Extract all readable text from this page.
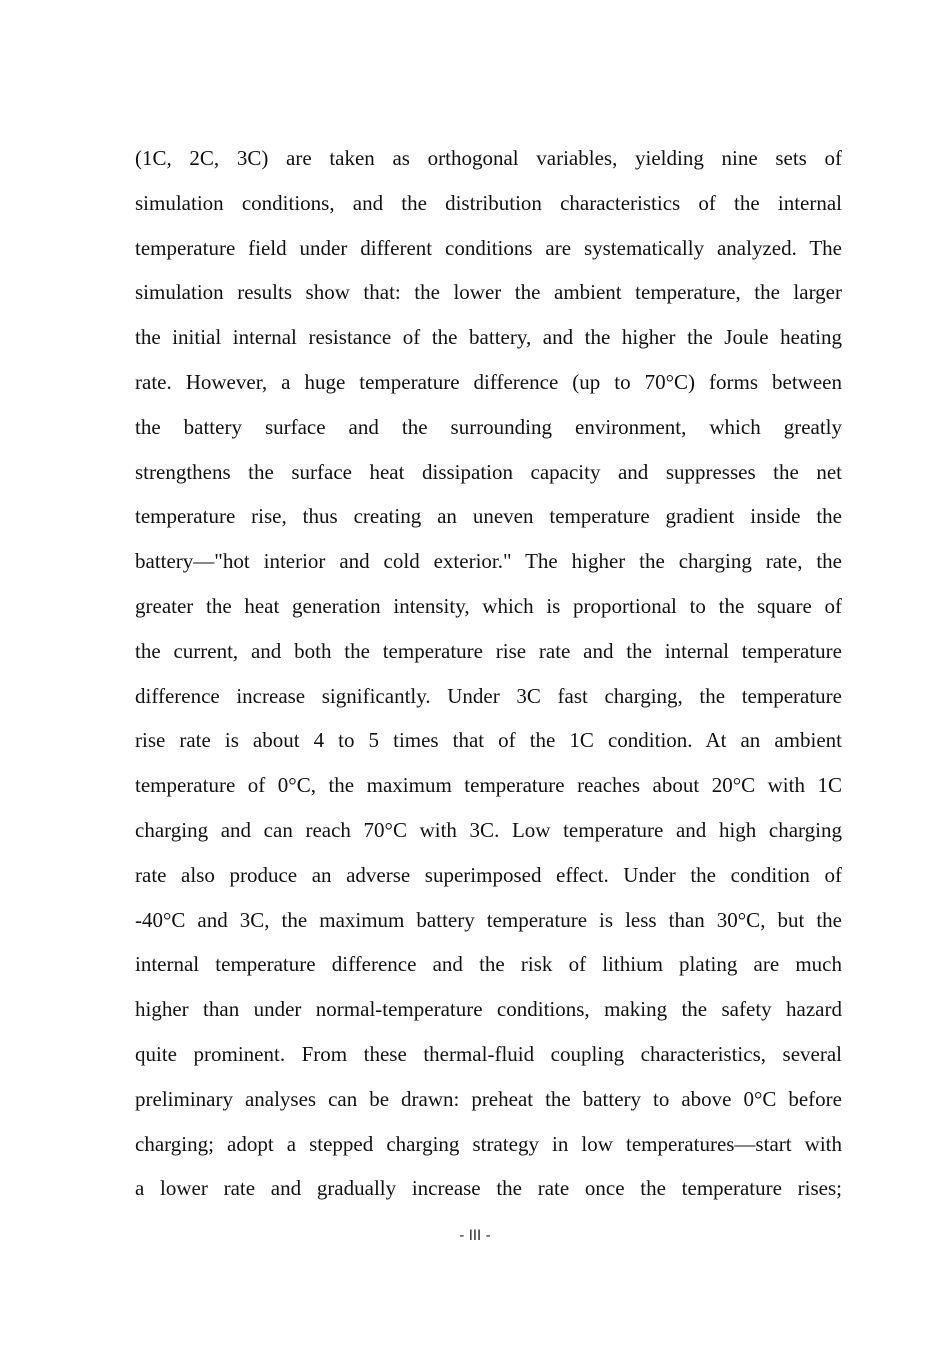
(1C, 2C, 3C) are taken as orthogonal variables, yielding nine sets of
simulation conditions, and the distribution characteristics of the internal
temperature field under different conditions are systematically analyzed. The
simulation results show that: the lower the ambient temperature, the larger
the initial internal resistance of the battery, and the higher the Joule heating
rate. However, a huge temperature difference (up to 70°C) forms between
the battery surface and the surrounding environment, which greatly
strengthens the surface heat dissipation capacity and suppresses the net
temperature rise, thus creating an uneven temperature gradient inside the
battery—"hot interior and cold exterior." The higher the charging rate, the
greater the heat generation intensity, which is proportional to the square of
the current, and both the temperature rise rate and the internal temperature
difference increase significantly. Under 3C fast charging, the temperature
rise rate is about 4 to 5 times that of the 1C condition. At an ambient
temperature of 0°C, the maximum temperature reaches about 20°C with 1C
charging and can reach 70°C with 3C. Low temperature and high charging
rate also produce an adverse superimposed effect. Under the condition of
-40°C and 3C, the maximum battery temperature is less than 30°C, but the
internal temperature difference and the risk of lithium plating are much
higher than under normal-temperature conditions, making the safety hazard
quite prominent. From these thermal-fluid coupling characteristics, several
preliminary analyses can be drawn: preheat the battery to above 0°C before
charging; adopt a stepped charging strategy in low temperatures—start with
a lower rate and gradually increase the rate once the temperature rises;
- III -
